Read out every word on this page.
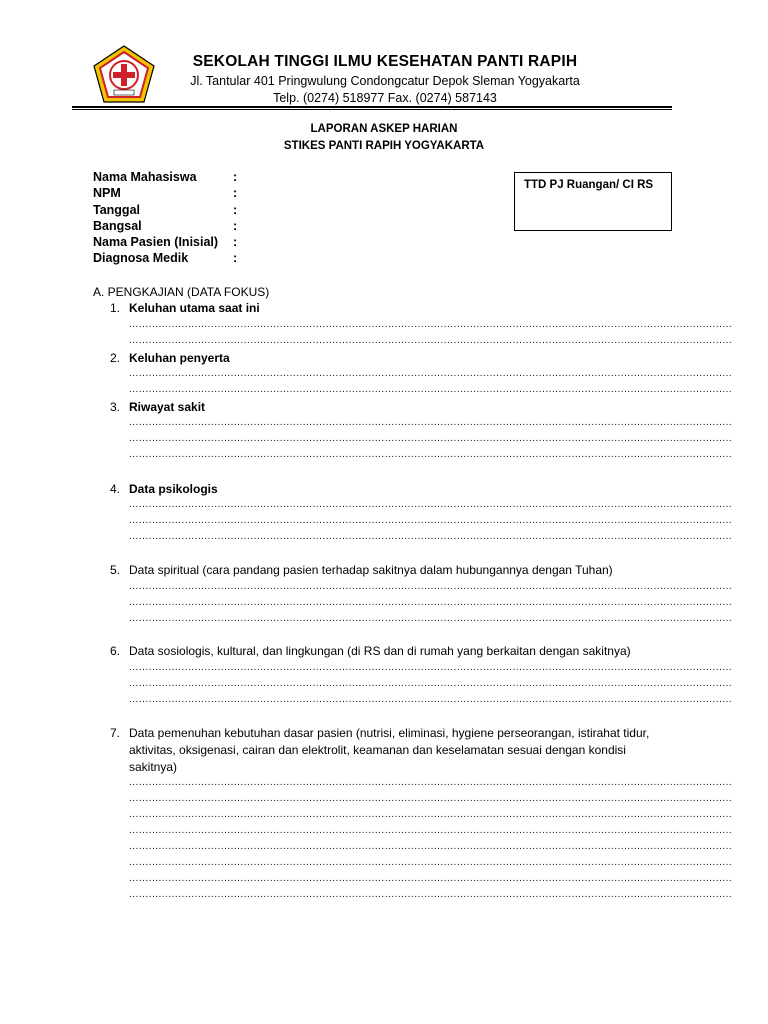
SEKOLAH TINGGI ILMU KESEHATAN PANTI RAPIH
Jl. Tantular 401 Pringwulung Condongcatur Depok Sleman Yogyakarta
Telp. (0274) 518977 Fax. (0274) 587143
LAPORAN ASKEP HARIAN
STIKES PANTI RAPIH YOGYAKARTA
Nama Mahasiswa	:
NPM	:
Tanggal	:
Bangsal	:
Nama Pasien (Inisial)	:
Diagnosa Medik	:
TTD PJ Ruangan/ CI RS
A. PENGKAJIAN (DATA FOKUS)
1. Keluhan utama saat ini
........................................................................................................................................................................................
........................................................................................................................................................................................
2. Keluhan penyerta
........................................................................................................................................................................................
........................................................................................................................................................................................
3. Riwayat sakit
........................................................................................................................................................................................
........................................................................................................................................................................................
........................................................................................................................................................................................
4. Data psikologis
........................................................................................................................................................................................
........................................................................................................................................................................................
........................................................................................................................................................................................
5. Data spiritual (cara pandang pasien terhadap sakitnya dalam hubungannya dengan Tuhan)
........................................................................................................................................................................................
........................................................................................................................................................................................
........................................................................................................................................................................................
6. Data sosiologis, kultural, dan lingkungan (di RS dan di rumah yang berkaitan dengan sakitnya)
........................................................................................................................................................................................
........................................................................................................................................................................................
........................................................................................................................................................................................
7. Data pemenuhan kebutuhan dasar pasien (nutrisi, eliminasi, hygiene perseorangan, istirahat tidur, aktivitas, oksigenasi, cairan dan elektrolit, keamanan dan keselamatan sesuai dengan kondisi sakitnya)
........................................................................................................................................................................................
........................................................................................................................................................................................
........................................................................................................................................................................................
........................................................................................................................................................................................
........................................................................................................................................................................................
........................................................................................................................................................................................
........................................................................................................................................................................................
........................................................................................................................................................................................
